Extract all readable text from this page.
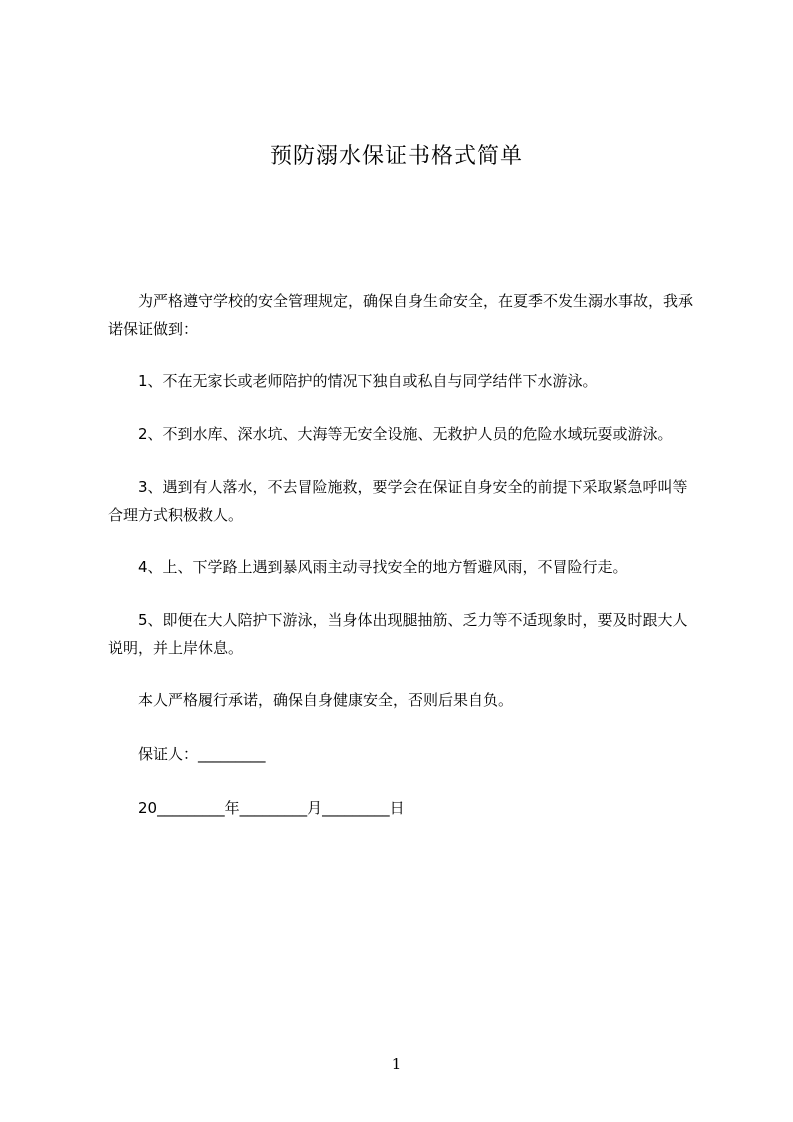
预防溺水保证书格式简单

为严格遵守学校的安全管理规定，确保自身生命安全，在夏季不发生溺水事故，我承诺保证做到：

1、不在无家长或老师陪护的情况下独自或私自与同学结伴下水游泳。

2、不到水库、深水坑、大海等无安全设施、无救护人员的危险水域玩耍或游泳。

3、遇到有人落水，不去冒险施救，要学会在保证自身安全的前提下采取紧急呼叫等合理方式积极救人。

4、上、下学路上遇到暴风雨主动寻找安全的地方暂避风雨，不冒险行走。

5、即便在大人陪护下游泳，当身体出现腿抽筋、乏力等不适现象时，要及时跟大人说明，并上岸休息。

本人严格履行承诺，确保自身健康安全，否则后果自负。

保证人：_________

20_________年_________月_________日

1
